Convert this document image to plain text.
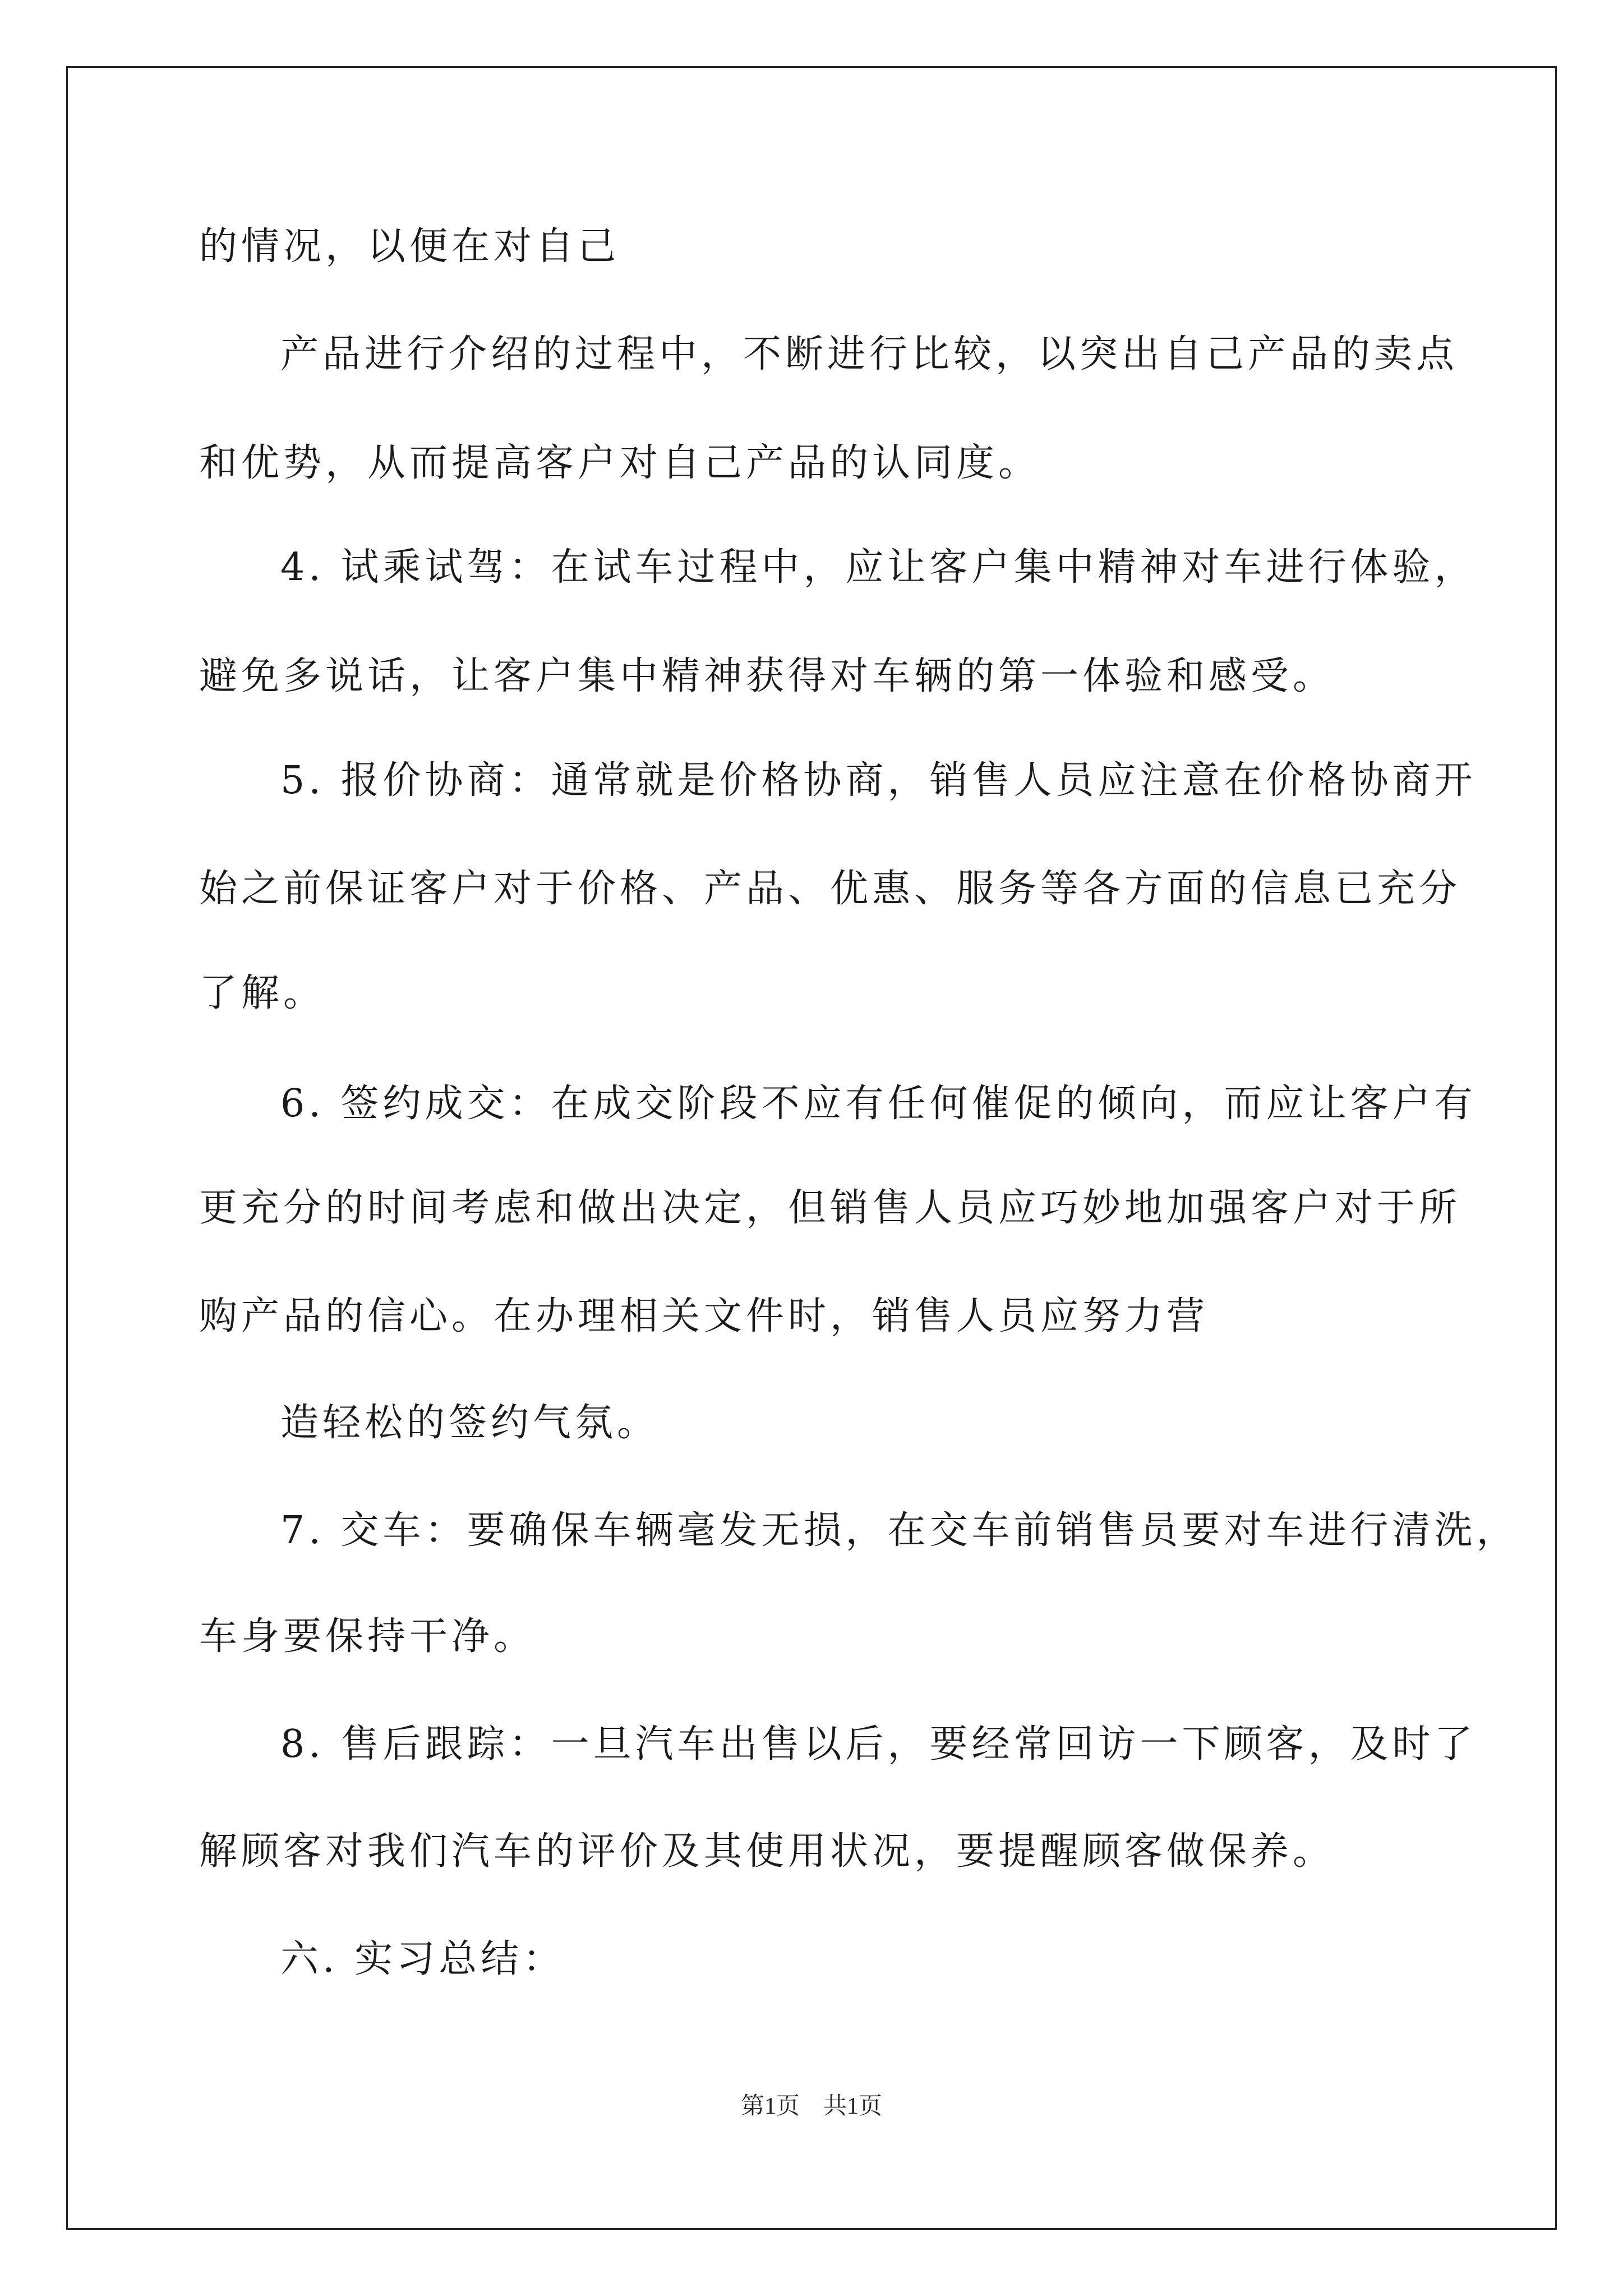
的情况，以便在对自己
产品进行介绍的过程中，不断进行比较，以突出自己产品的卖点
和优势，从而提高客户对自己产品的认同度。
4. 试乘试驾：在试车过程中，应让客户集中精神对车进行体验，
避免多说话，让客户集中精神获得对车辆的第一体验和感受。
5. 报价协商：通常就是价格协商，销售人员应注意在价格协商开
始之前保证客户对于价格、产品、优惠、服务等各方面的信息已充分
了解。
6. 签约成交：在成交阶段不应有任何催促的倾向，而应让客户有
更充分的时间考虑和做出决定，但销售人员应巧妙地加强客户对于所
购产品的信心。在办理相关文件时，销售人员应努力营
造轻松的签约气氛。
7. 交车：要确保车辆毫发无损，在交车前销售员要对车进行清洗，
车身要保持干净。
8. 售后跟踪：一旦汽车出售以后，要经常回访一下顾客，及时了
解顾客对我们汽车的评价及其使用状况，要提醒顾客做保养。
六. 实习总结：
第1页　共1页
